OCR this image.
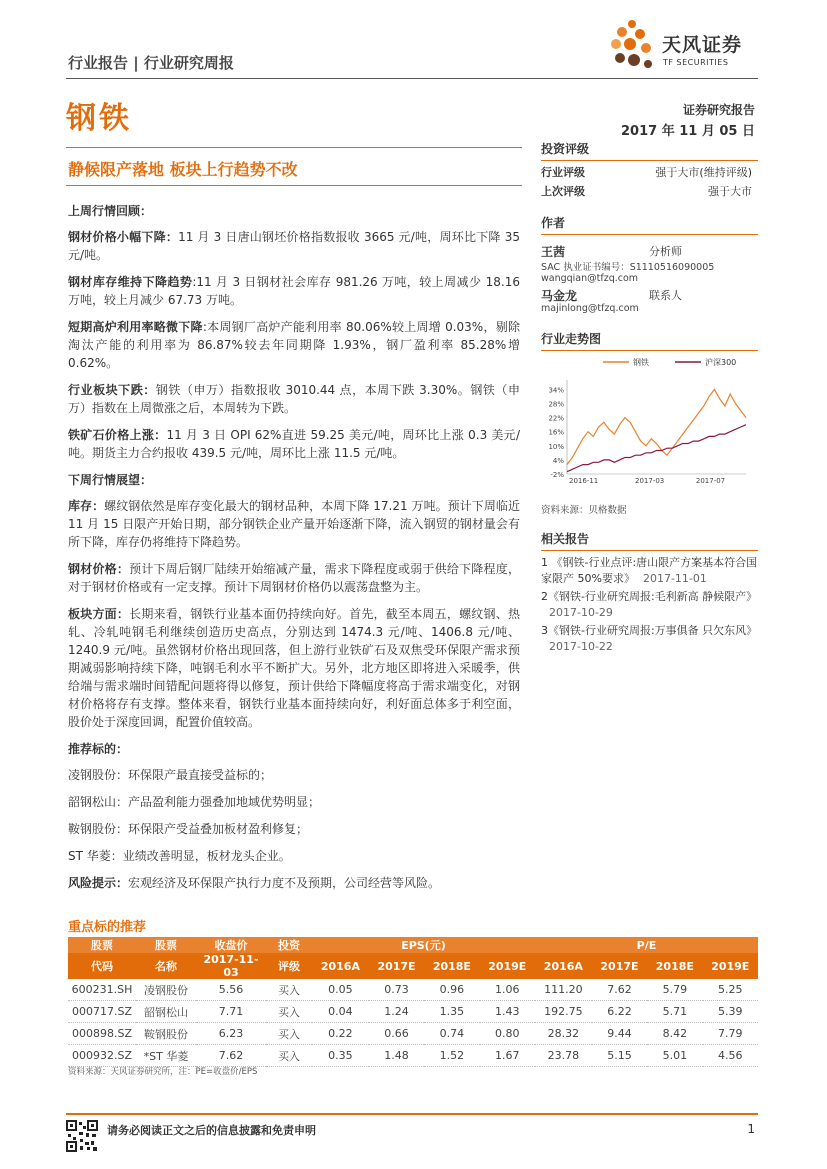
行业报告 | 行业研究周报
钢铁
天风证券
TF SECURITIES
证券研究报告
2017 年 11 月 05 日
静候限产落地 板块上行趋势不改
上周行情回顾：
钢材价格小幅下降：11 月 3 日唐山钢坯价格指数报收 3665 元/吨，周环比下降 35 元/吨。
钢材库存维持下降趋势:11 月 3 日钢材社会库存 981.26 万吨，较上周减少 18.16 万吨，较上月减少 67.73 万吨。
短期高炉利用率略微下降:本周钢厂高炉产能利用率 80.06%较上周增 0.03%，剔除淘汰产能的利用率为 86.87%较去年同期降 1.93%，钢厂盈利率 85.28%增 0.62%。
行业板块下跌：钢铁（申万）指数报收 3010.44 点，本周下跌 3.30%。钢铁（申万）指数在上周微涨之后，本周转为下跌。
铁矿石价格上涨：11 月 3 日 OPI 62%直进 59.25 美元/吨，周环比上涨 0.3 美元/吨。期货主力合约报收 439.5 元/吨，周环比上涨 11.5 元/吨。
下周行情展望：
库存：螺纹钢依然是库存变化最大的钢材品种，本周下降 17.21 万吨。预计下周临近 11 月 15 日限产开始日期，部分钢铁企业产量开始逐渐下降，流入钢贸的钢材量会有所下降，库存仍将维持下降趋势。
钢材价格：预计下周后钢厂陆续开始缩减产量，需求下降程度或弱于供给下降程度，对于钢材价格或有一定支撑。预计下周钢材价格仍以震荡盘整为主。
板块方面：长期来看，钢铁行业基本面仍持续向好。首先，截至本周五，螺纹钢、热轧、冷轧吨钢毛利继续创造历史高点，分别达到 1474.3 元/吨、1406.8 元/吨、1240.9 元/吨。虽然钢材价格出现回落，但上游行业铁矿石及双焦受环保限产需求预期减弱影响持续下降，吨钢毛利水平不断扩大。另外，北方地区即将进入采暖季，供给端与需求端时间错配问题将得以修复，预计供给下降幅度将高于需求端变化，对钢材价格将存有支撑。整体来看，钢铁行业基本面持续向好，利好面总体多于利空面，股价处于深度回调，配置价值较高。
推荐标的：
凌钢股份：环保限产最直接受益标的；
韶钢松山：产品盈利能力强叠加地域优势明显；
鞍钢股份：环保限产受益叠加板材盈利修复；
ST 华菱：业绩改善明显，板材龙头企业。
风险提示：宏观经济及环保限产执行力度不及预期，公司经营等风险。
投资评级
行业评级	强于大市(维持评级)
上次评级	强于大市
作者
王茜	分析师
SAC 执业证书编号：S1110516090005
wangqian@tfzq.com
马金龙	联系人
majinlong@tfzq.com
行业走势图
钢铁	沪深300
-2%
4%
10%
16%
22%
28%
34%
2016-11	2017-03	2017-07
资料来源：贝格数据
相关报告
1 《钢铁-行业点评:唐山限产方案基本符合国家限产 50%要求》 2017-11-01
2《钢铁-行业研究周报:毛利新高 静候限产》2017-10-29
3《钢铁-行业研究周报:万事俱备 只欠东风》2017-10-22
重点标的推荐
股票	股票	收盘价	投资	EPS(元)				P/E			
代码	名称	2017-11-03	评级	2016A	2017E	2018E	2019E	2016A	2017E	2018E	2019E
600231.SH	凌钢股份	5.56	买入	0.05	0.73	0.96	1.06	111.20	7.62	5.79	5.25
000717.SZ	韶钢松山	7.71	买入	0.04	1.24	1.35	1.43	192.75	6.22	5.71	5.39
000898.SZ	鞍钢股份	6.23	买入	0.22	0.66	0.74	0.80	28.32	9.44	8.42	7.79
000932.SZ	*ST 华菱	7.62	买入	0.35	1.48	1.52	1.67	23.78	5.15	5.01	4.56
资料来源：天风证券研究所，注：PE=收盘价/EPS
请务必阅读正文之后的信息披露和免责申明	1
